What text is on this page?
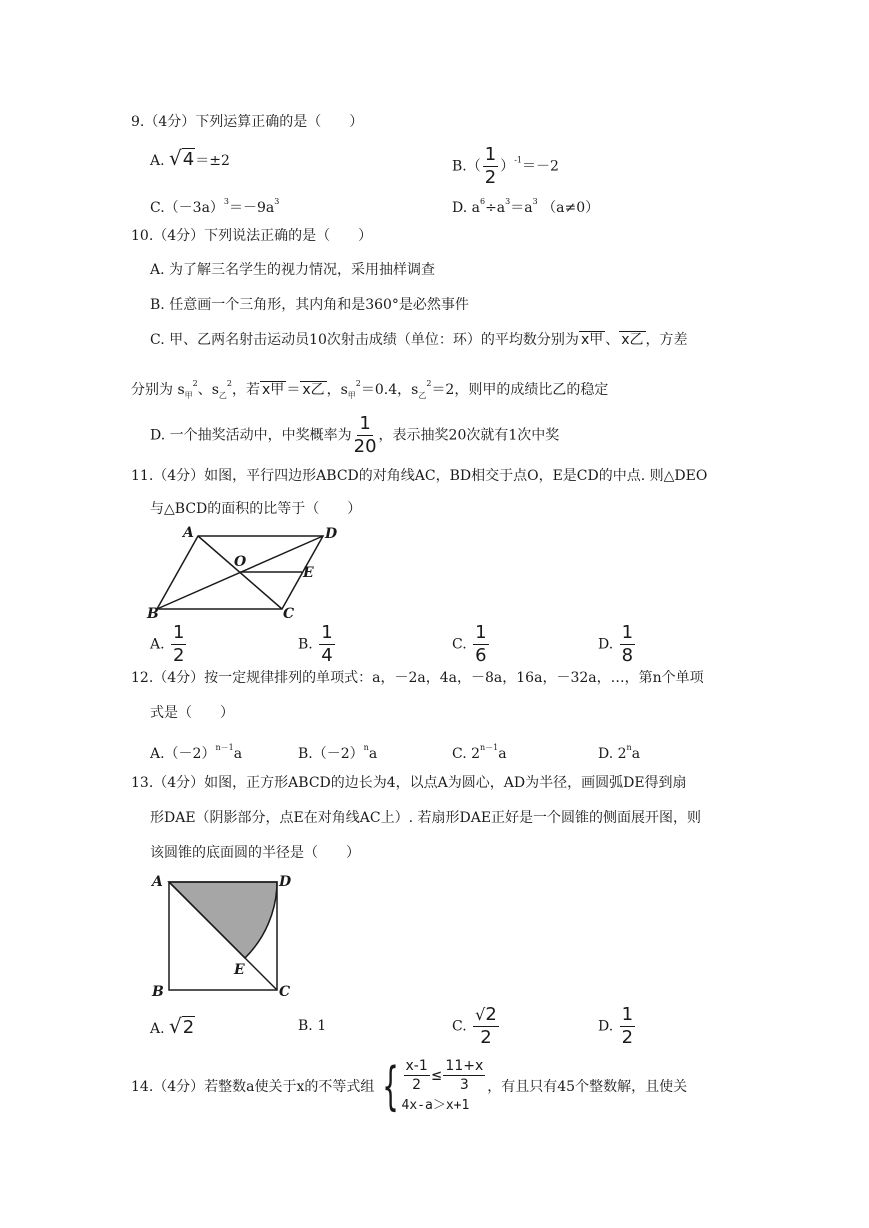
9.（4分）下列运算正确的是（　　）
A. √4＝±2	$B.( \frac{1}{2} )^{-1}=-2$
$C.(-3a)^3=-9a^3$	D. $a^6\div a^3=a^3$ （a≠0）
10.（4分）下列说法正确的是（　　）
A. 为了解三名学生的视力情况，采用抽样调查
B. 任意画一个三角形，其内角和是360°是必然事件
C. 甲、乙两名射击运动员10次射击成绩（单位：环）的平均数分别为 x甲 、 x乙 ，方差
分别为 $s_甲^2$、$s_乙^2$，若 x甲 ＝ x乙 ，$s_甲^2=0.4$，$s_乙^2=2$，则甲的成绩比乙的稳定
D. 一个抽奖活动中，中奖概率为 $\frac{1}{20}$ ，表示抽奖20次就有1次中奖
11.（4分）如图，平行四边形ABCD的对角线AC，BD相交于点O，E是CD的中点. 则△DEO
与△BCD的面积的比等于（　　）
A	D
O
E
B	C
A. $\frac{1}{2}$	B. $\frac{1}{4}$	C. $\frac{1}{6}$	D. $\frac{1}{8}$
12.（4分）按一定规律排列的单项式：a，－2a，4a，－8a，16a，－32a，…，第n个单项
式是（　　）
$A.(-2)^{n-1}a$	$B.(-2)^na$	C. $2^{n-1}a$	D. 2$^n$a
13.（4分）如图，正方形ABCD的边长为4，以点A为圆心，AD为半径，画圆弧DE得到扇
形DAE（阴影部分，点E在对角线AC上）. 若扇形DAE正好是一个圆锥的侧面展开图，则
该圆锥的底面圆的半径是（　　）
A	D
E
B	C
A. √2	B. 1	C. $\frac{√2}{2}$	D. $\frac{1}{2}$
14.（4分）若整数a使关于x的不等式组 { $\frac{x-1}{2} \le \frac{11+x}{3}$
4x-a＞x+1
，有且只有45个整数解，且使关
